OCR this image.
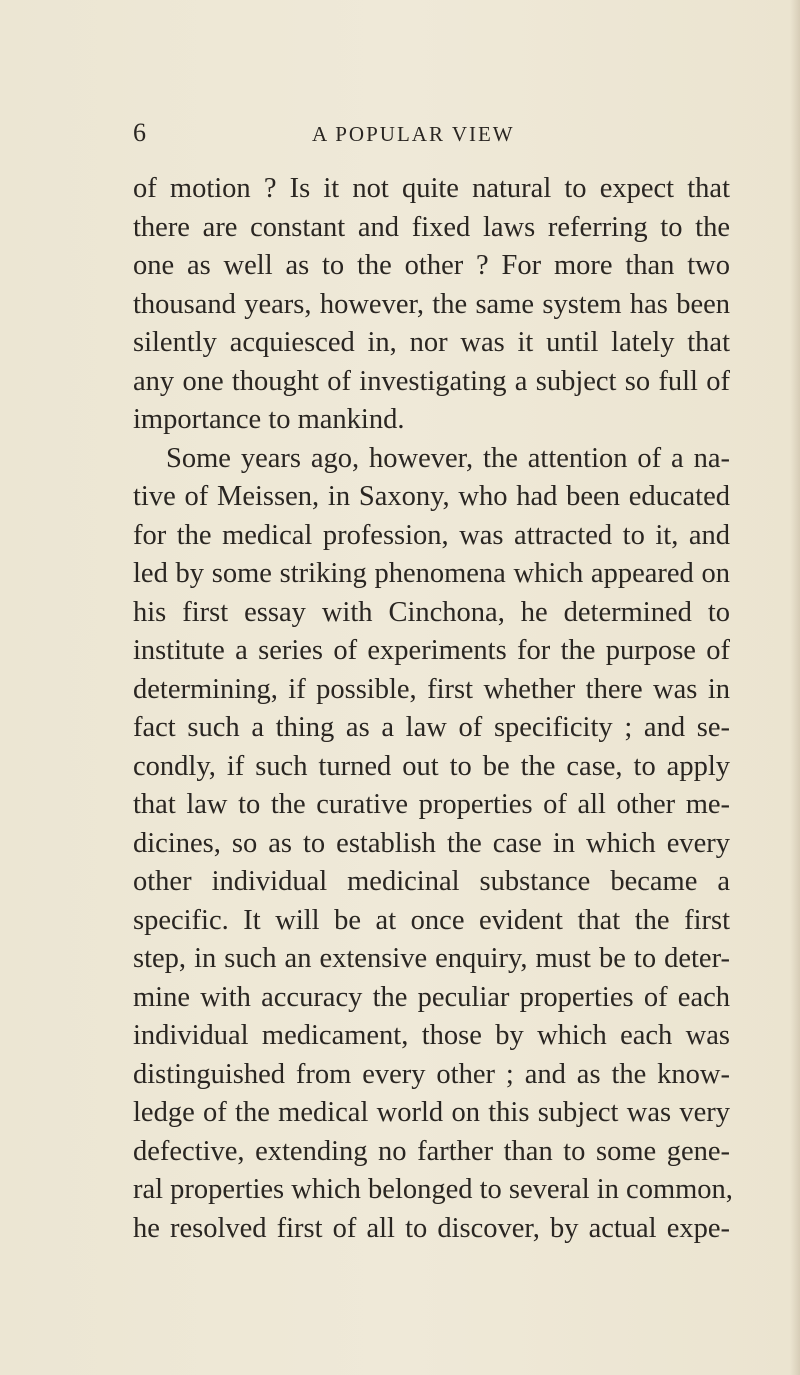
6	A POPULAR VIEW
of motion ? Is it not quite natural to expect that
there are constant and fixed laws referring to the
one as well as to the other ? For more than two
thousand years, however, the same system has been
silently acquiesced in, nor was it until lately that
any one thought of investigating a subject so full of
importance to mankind.
Some years ago, however, the attention of a na-
tive of Meissen, in Saxony, who had been educated
for the medical profession, was attracted to it, and
led by some striking phenomena which appeared on
his first essay with Cinchona, he determined to
institute a series of experiments for the purpose of
determining, if possible, first whether there was in
fact such a thing as a law of specificity ; and se-
condly, if such turned out to be the case, to apply
that law to the curative properties of all other me-
dicines, so as to establish the case in which every
other individual medicinal substance became a
specific. It will be at once evident that the first
step, in such an extensive enquiry, must be to deter-
mine with accuracy the peculiar properties of each
individual medicament, those by which each was
distinguished from every other ; and as the know-
ledge of the medical world on this subject was very
defective, extending no farther than to some gene-
ral properties which belonged to several in common,
he resolved first of all to discover, by actual expe-
